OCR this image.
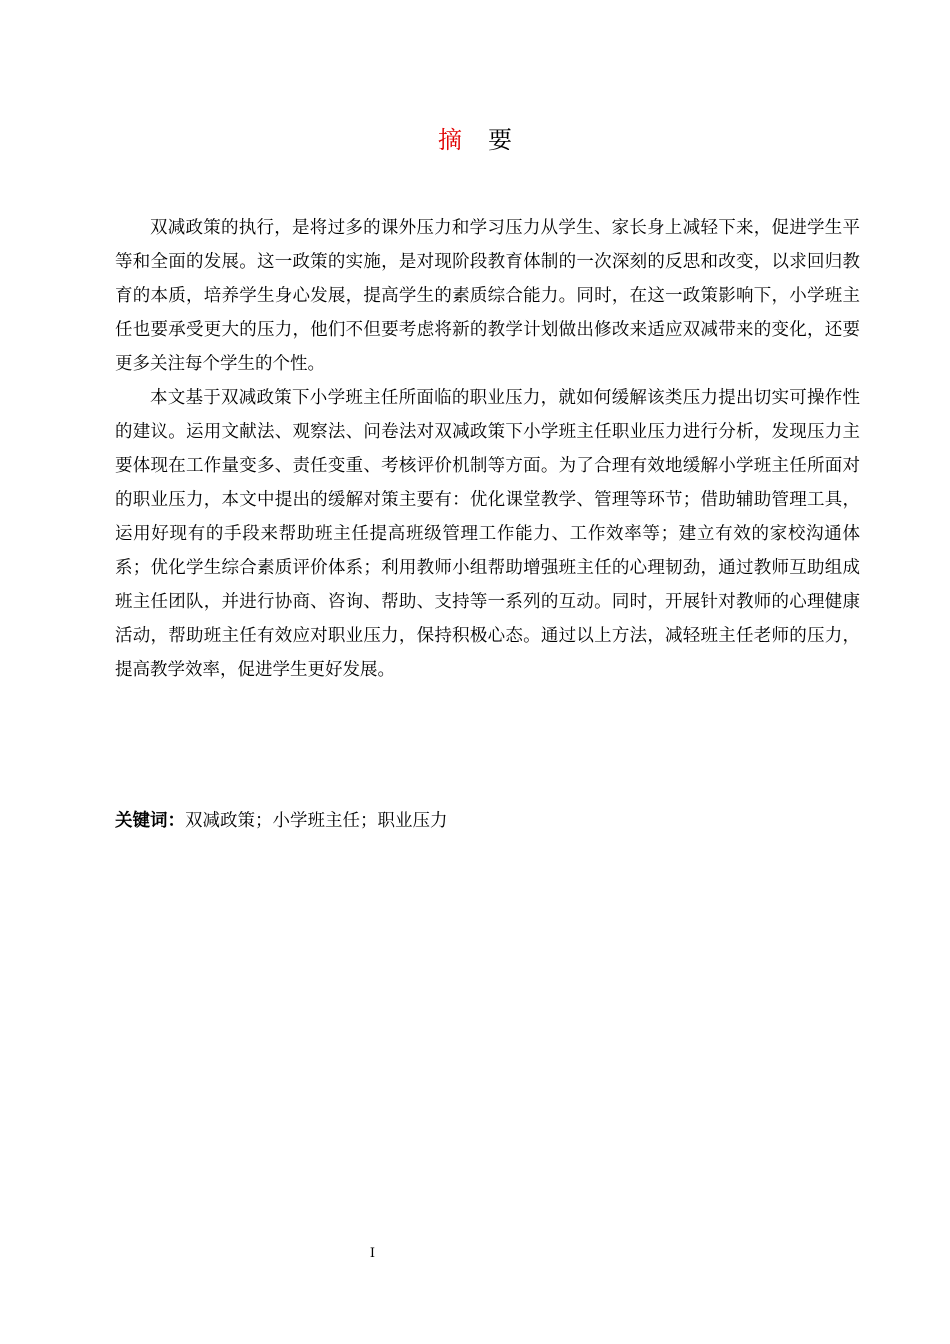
摘 要

双减政策的执行，是将过多的课外压力和学习压力从学生、家长身上减轻下来，促进学生平等和全面的发展。这一政策的实施，是对现阶段教育体制的一次深刻的反思和改变，以求回归教育的本质，培养学生身心发展，提高学生的素质综合能力。同时，在这一政策影响下，小学班主任也要承受更大的压力，他们不但要考虑将新的教学计划做出修改来适应双减带来的变化，还要更多关注每个学生的个性。

本文基于双减政策下小学班主任所面临的职业压力，就如何缓解该类压力提出切实可操作性的建议。运用文献法、观察法、问卷法对双减政策下小学班主任职业压力进行分析，发现压力主要体现在工作量变多、责任变重、考核评价机制等方面。为了合理有效地缓解小学班主任所面对的职业压力，本文中提出的缓解对策主要有：优化课堂教学、管理等环节；借助辅助管理工具，运用好现有的手段来帮助班主任提高班级管理工作能力、工作效率等；建立有效的家校沟通体系；优化学生综合素质评价体系；利用教师小组帮助增强班主任的心理韧劲，通过教师互助组成班主任团队，并进行协商、咨询、帮助、支持等一系列的互动。同时，开展针对教师的心理健康活动，帮助班主任有效应对职业压力，保持积极心态。通过以上方法，减轻班主任老师的压力，提高教学效率，促进学生更好发展。

关键词：双减政策；小学班主任；职业压力
I
